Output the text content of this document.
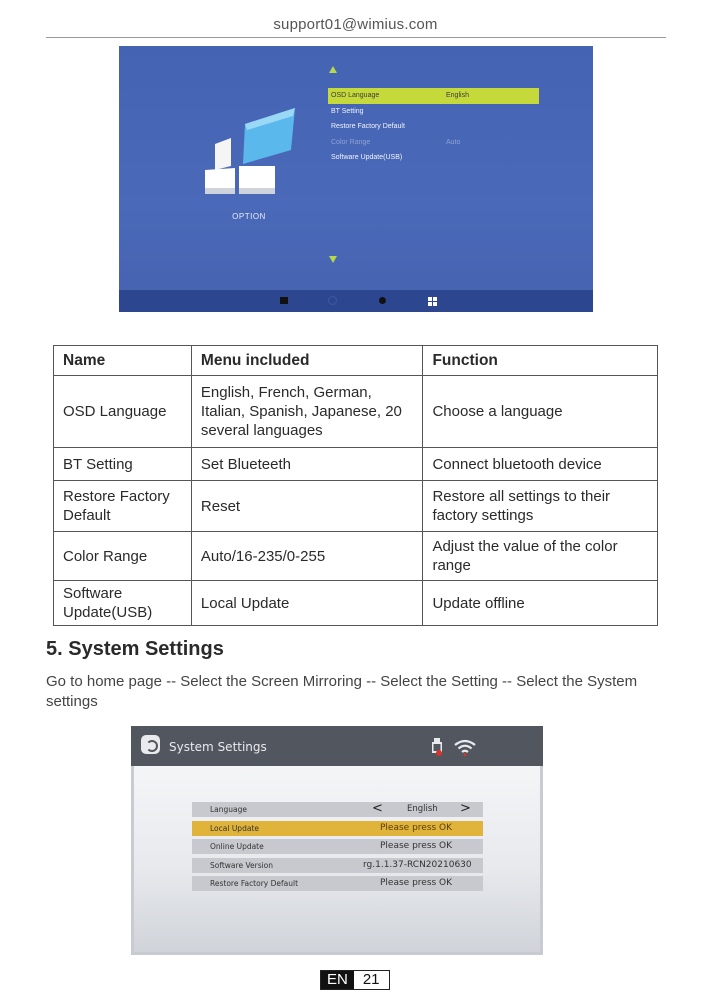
support01@wimius.com
OPTION
OSD Language	English
BT Setting
Restore Factory Default
Color Range	Auto
Software Update(USB)
Name	Menu included	Function
OSD Language	English, French, German, Italian, Spanish, Japanese, 20 several languages	Choose a language
BT Setting	Set Blueteeth	Connect bluetooth device
Restore Factory Default	Reset	Restore all settings to their factory settings
Color Range	Auto/16-235/0-255	Adjust the value of the color range
Software Update(USB)	Local Update	Update offline
5. System Settings
Go to home page -- Select the Screen Mirroring -- Select the Setting -- Select the System settings
System Settings
Language	<	English >
Local Update	Please press OK
Online Update	Please press OK
Software Version	rg.1.1.37-RCN20210630
Restore Factory Default	Please press OK
EN	21
